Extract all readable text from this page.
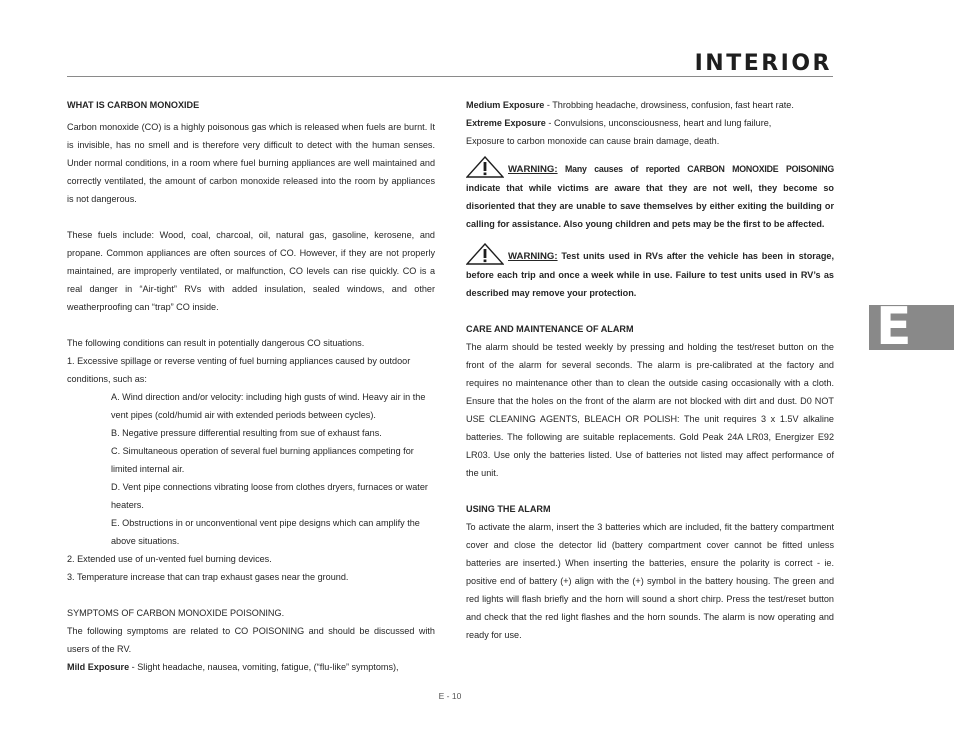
INTERIOR
E

WHAT IS CARBON MONOXIDE

Carbon monoxide (CO) is a highly poisonous gas which is released when fuels are burnt. It is invisible, has no smell and is therefore very difficult to detect with the human senses. Under normal conditions, in a room where fuel burning appliances are well maintained and correctly ventilated, the amount of carbon monoxide released into the room by appliances is not dangerous.

These fuels include: Wood, coal, charcoal, oil, natural gas, gasoline, kerosene, and propane. Common appliances are often sources of CO. However, if they are not properly maintained, are improperly ventilated, or malfunction, CO levels can rise quickly. CO is a real danger in “Air-tight” RVs with added insulation, sealed windows, and other weatherproofing can “trap” CO inside.

The following conditions can result in potentially dangerous CO situations.

1. Excessive spillage or reverse venting of fuel burning appliances caused by outdoor conditions, such as:

A. Wind direction and/or velocity: including high gusts of wind. Heavy air in the vent pipes (cold/humid air with extended periods between cycles).

B. Negative pressure differential resulting from sue of exhaust fans.

C. Simultaneous operation of several fuel burning appliances competing for limited internal air.

D. Vent pipe connections vibrating loose from clothes dryers, furnaces or water heaters.

E. Obstructions in or unconventional vent pipe designs which can amplify the above situations.

2. Extended use of un-vented fuel burning devices.

3. Temperature increase that can trap exhaust gases near the ground.

SYMPTOMS OF CARBON MONOXIDE POISONING.

The following symptoms are related to CO POISONING and should be discussed with users of the RV.

Mild Exposure - Slight headache, nausea, vomiting, fatigue, (“flu-like” symptoms),

Medium Exposure - Throbbing headache, drowsiness, confusion, fast heart rate.

Extreme Exposure - Convulsions, unconsciousness, heart and lung failure,

Exposure to carbon monoxide can cause brain damage, death.

WARNING: Many causes of reported CARBON MONOXIDE POISONING indicate that while victims are aware that they are not well, they become so disoriented that they are unable to save themselves by either exiting the building or calling for assistance. Also young children and pets may be the first to be affected.

WARNING: Test units used in RVs after the vehicle has been in storage, before each trip and once a week while in use. Failure to test units used in RV’s as described may remove your protection.

CARE AND MAINTENANCE OF ALARM

The alarm should be tested weekly by pressing and holding the test/reset button on the front of the alarm for several seconds. The alarm is pre-calibrated at the factory and requires no maintenance other than to clean the outside casing occasionally with a cloth. Ensure that the holes on the front of the alarm are not blocked with dirt and dust. D0 NOT USE CLEANING AGENTS, BLEACH OR POLISH: The unit requires 3 x 1.5V alkaline batteries. The following are suitable replacements. Gold Peak 24A LR03, Energizer E92 LR03. Use only the batteries listed. Use of batteries not listed may affect performance of the unit.

USING THE ALARM

To activate the alarm, insert the 3 batteries which are included, fit the battery compartment cover and close the detector lid (battery compartment cover cannot be fitted unless batteries are inserted.) When inserting the batteries, ensure the polarity is correct - ie. positive end of battery (+) align with the (+) symbol in the battery housing. The green and red lights will flash briefly and the horn will sound a short chirp. Press the test/reset button and check that the red light flashes and the horn sounds. The alarm is now operating and ready for use.

E - 10
